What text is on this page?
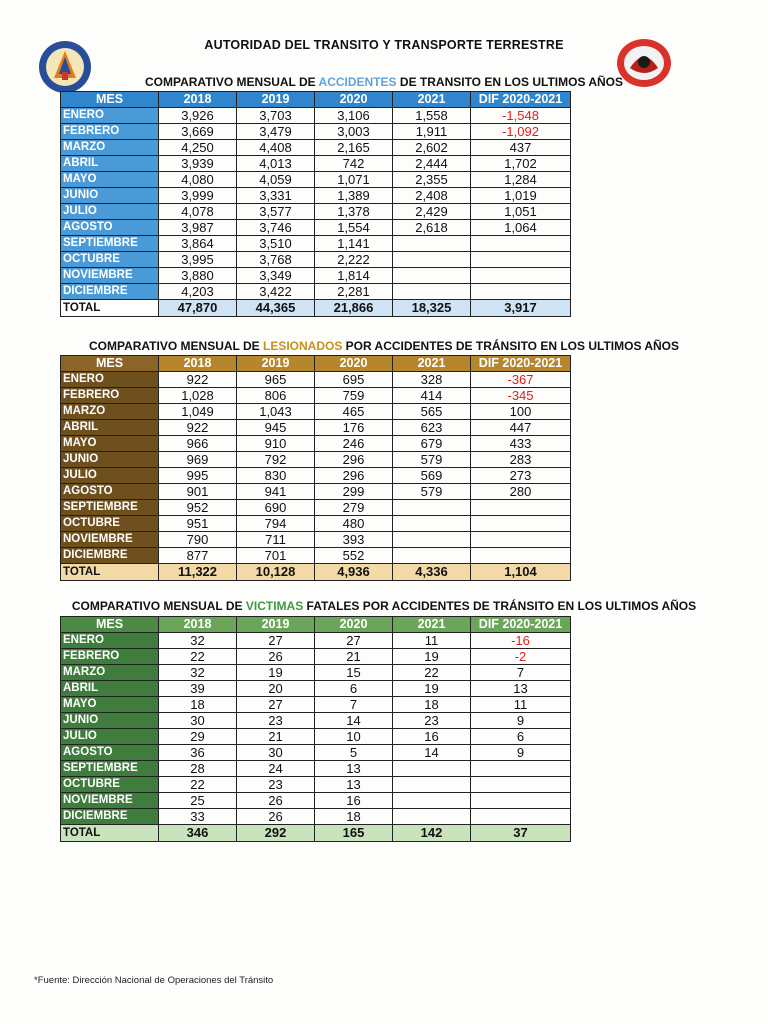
AUTORIDAD DEL TRANSITO Y TRANSPORTE TERRESTRE
COMPARATIVO MENSUAL DE ACCIDENTES DE TRANSITO EN LOS ULTIMOS AÑOS
MES	2018	2019	2020	2021	DIF 2020-2021
ENERO	3,926	3,703	3,106	1,558	-1,548
FEBRERO	3,669	3,479	3,003	1,911	-1,092
MARZO	4,250	4,408	2,165	2,602	437
ABRIL	3,939	4,013	742	2,444	1,702
MAYO	4,080	4,059	1,071	2,355	1,284
JUNIO	3,999	3,331	1,389	2,408	1,019
JULIO	4,078	3,577	1,378	2,429	1,051
AGOSTO	3,987	3,746	1,554	2,618	1,064
SEPTIEMBRE	3,864	3,510	1,141		
OCTUBRE	3,995	3,768	2,222		
NOVIEMBRE	3,880	3,349	1,814		
DICIEMBRE	4,203	3,422	2,281		
TOTAL	47,870	44,365	21,866	18,325	3,917
COMPARATIVO MENSUAL DE LESIONADOS POR ACCIDENTES DE TRÁNSITO EN LOS ULTIMOS AÑOS
MES	2018	2019	2020	2021	DIF 2020-2021
ENERO	922	965	695	328	-367
FEBRERO	1,028	806	759	414	-345
MARZO	1,049	1,043	465	565	100
ABRIL	922	945	176	623	447
MAYO	966	910	246	679	433
JUNIO	969	792	296	579	283
JULIO	995	830	296	569	273
AGOSTO	901	941	299	579	280
SEPTIEMBRE	952	690	279		
OCTUBRE	951	794	480		
NOVIEMBRE	790	711	393		
DICIEMBRE	877	701	552		
TOTAL	11,322	10,128	4,936	4,336	1,104
COMPARATIVO MENSUAL DE VICTIMAS FATALES POR ACCIDENTES DE TRÁNSITO EN LOS ULTIMOS AÑOS
MES	2018	2019	2020	2021	DIF 2020-2021
ENERO	32	27	27	11	-16
FEBRERO	22	26	21	19	-2
MARZO	32	19	15	22	7
ABRIL	39	20	6	19	13
MAYO	18	27	7	18	11
JUNIO	30	23	14	23	9
JULIO	29	21	10	16	6
AGOSTO	36	30	5	14	9
SEPTIEMBRE	28	24	13		
OCTUBRE	22	23	13		
NOVIEMBRE	25	26	16		
DICIEMBRE	33	26	18		
TOTAL	346	292	165	142	37
*Fuente: Dirección Nacional de Operaciones del Tránsito
